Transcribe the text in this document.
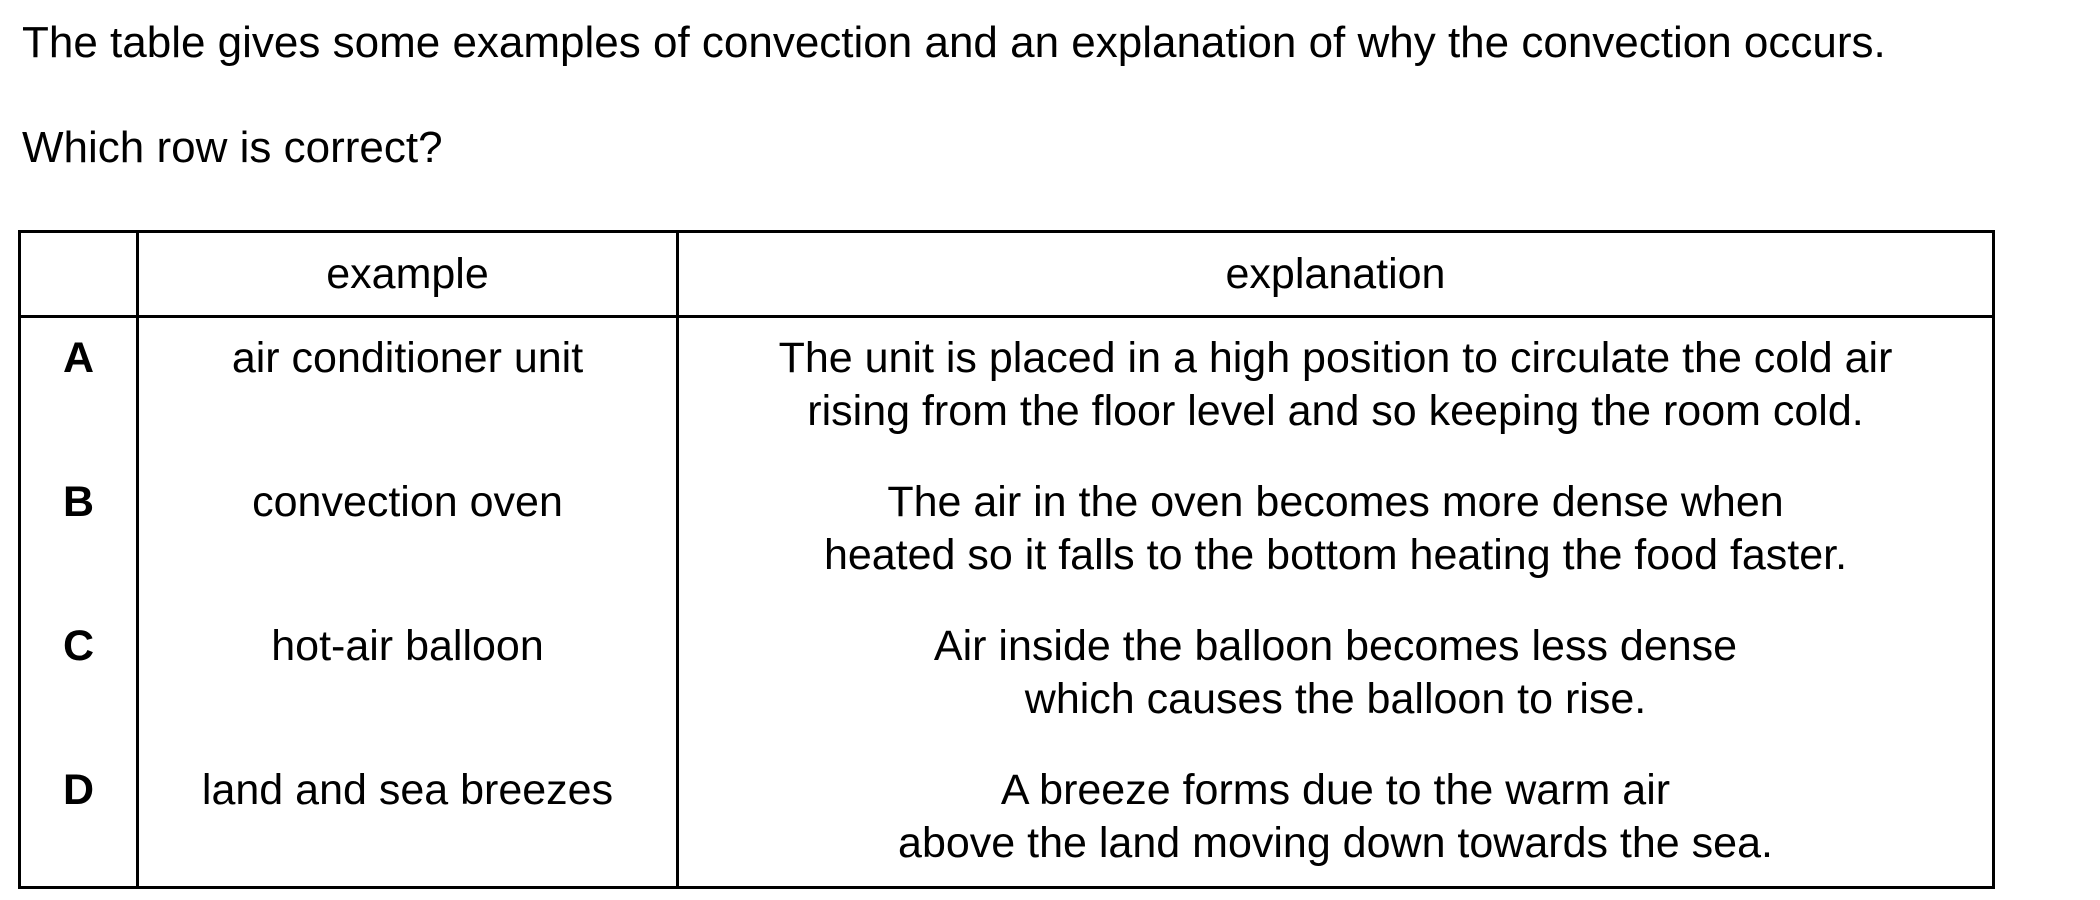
The table gives some examples of convection and an explanation of why the convection occurs.

Which row is correct?

	example	explanation

A	air conditioner unit	The unit is placed in a high position to circulate the cold air
rising from the floor level and so keeping the room cold.

B	convection oven	The air in the oven becomes more dense when
heated so it falls to the bottom heating the food faster.

C	hot-air balloon	Air inside the balloon becomes less dense
which causes the balloon to rise.

D	land and sea breezes	A breeze forms due to the warm air
above the land moving down towards the sea.
